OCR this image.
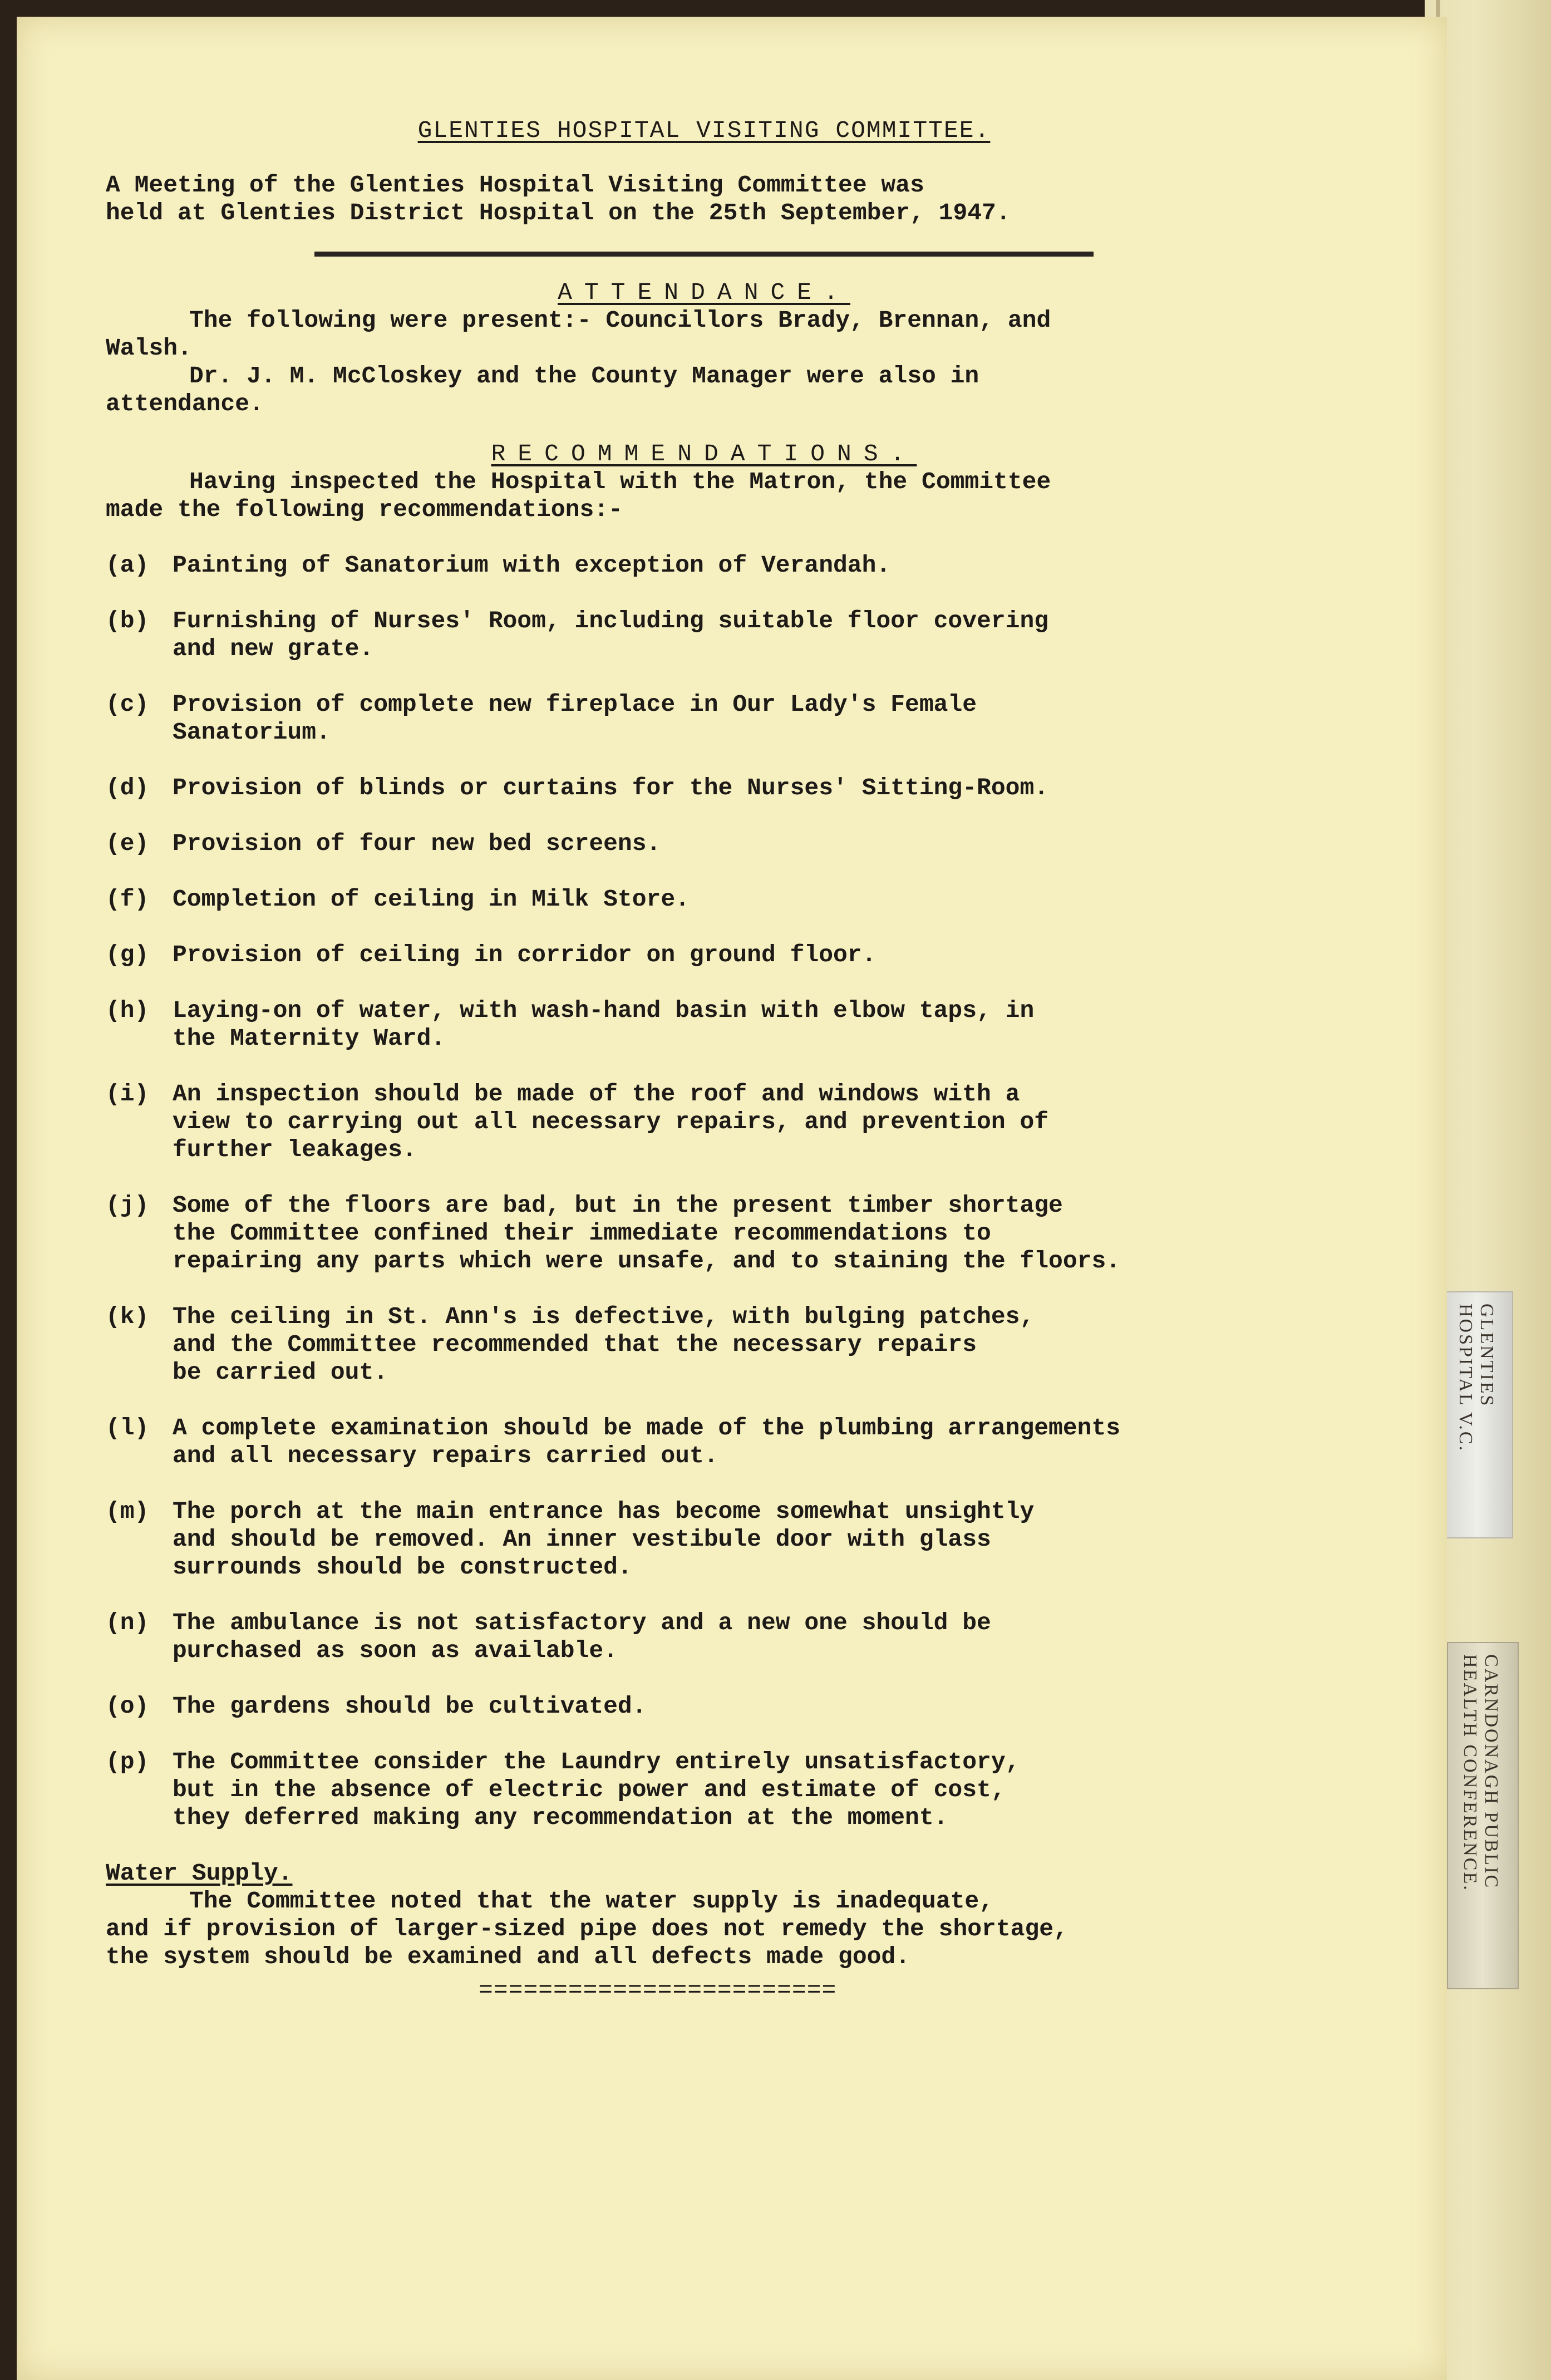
GLENTIES
HOSPITAL V.C.
CARNDONAGH PUBLIC
HEALTH CONFERENCE.
GLENTIES HOSPITAL VISITING COMMITTEE.

A Meeting of the Glenties Hospital Visiting Committee was
held at Glenties District Hospital on the 25th September, 1947.

ATTENDANCE.

The following were present:- Councillors Brady, Brennan, and

Walsh.

Dr. J. M. McCloskey and the County Manager were also in

attendance.

RECOMMENDATIONS.

Having inspected the Hospital with the Matron, the Committee

made the following recommendations:-

(a) Painting of Sanatorium with exception of Verandah.
(b) Furnishing of Nurses' Room, including suitable floor covering
and new grate.
(c) Provision of complete new fireplace in Our Lady's Female
Sanatorium.
(d) Provision of blinds or curtains for the Nurses' Sitting-Room.
(e) Provision of four new bed screens.
(f) Completion of ceiling in Milk Store.
(g) Provision of ceiling in corridor on ground floor.
(h) Laying-on of water, with wash-hand basin with elbow taps, in
the Maternity Ward.
(i) An inspection should be made of the roof and windows with a
view to carrying out all necessary repairs, and prevention of
further leakages.
(j) Some of the floors are bad, but in the present timber shortage
the Committee confined their immediate recommendations to
repairing any parts which were unsafe, and to staining the floors.
(k) The ceiling in St. Ann's is defective, with bulging patches,
and the Committee recommended that the necessary repairs
be carried out.
(l) A complete examination should be made of the plumbing arrangements
and all necessary repairs carried out.
(m) The porch at the main entrance has become somewhat unsightly
and should be removed. An inner vestibule door with glass
surrounds should be constructed.
(n) The ambulance is not satisfactory and a new one should be
purchased as soon as available.
(o) The gardens should be cultivated.
(p) The Committee consider the Laundry entirely unsatisfactory,
but in the absence of electric power and estimate of cost,
they deferred making any recommendation at the moment.
Water Supply.

The Committee noted that the water supply is inadequate,

and if provision of larger-sized pipe does not remedy the shortage,

the system should be examined and all defects made good.

========================
